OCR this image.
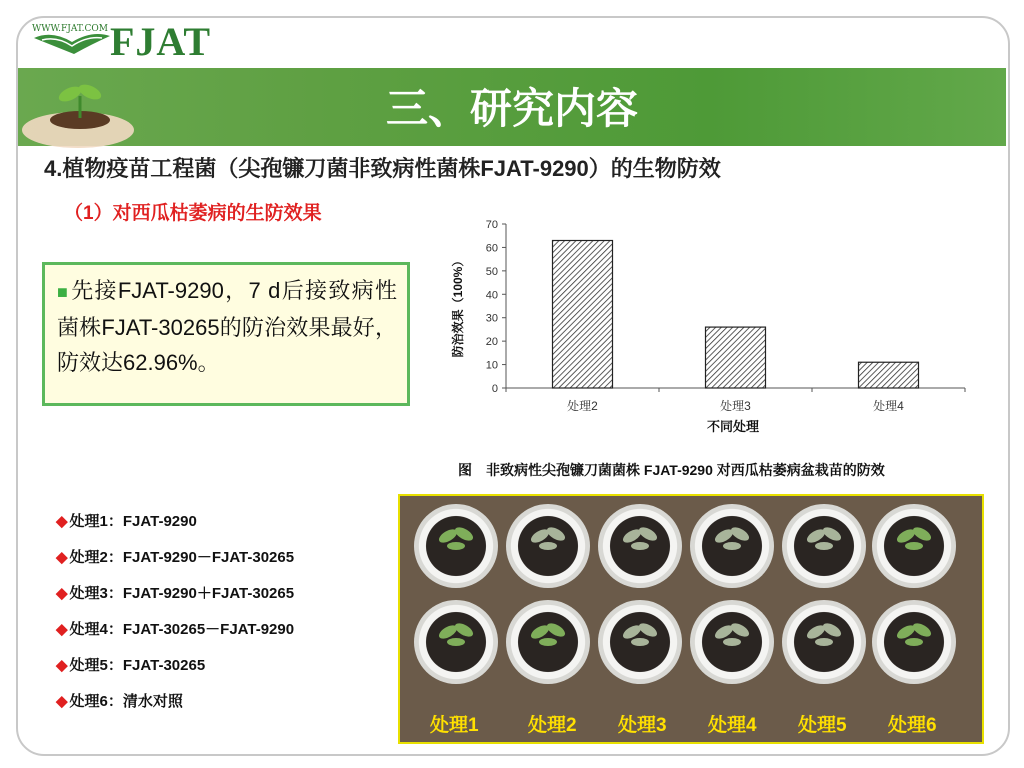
WWW.FJAT.COM FJAT
三、研究内容
4.植物疫苗工程菌（尖孢镰刀菌非致病性菌株FJAT-9290）的生物防效
（1）对西瓜枯萎病的生防效果
■先接FJAT-9290，7 d后接致病性菌株FJAT-30265的防治效果最好，防效达62.96%。
0
10
20
30
40
50
60
70
处理2	处理3	处理4
防治效果（100%）
不同处理
图　非致病性尖孢镰刀菌菌株 FJAT-9290 对西瓜枯萎病盆栽苗的防效
◆ 处理1：FJAT-9290
◆ 处理2：FJAT-9290－FJAT-30265
◆ 处理3：FJAT-9290＋FJAT-30265
◆ 处理4：FJAT-30265－FJAT-9290
◆ 处理5：FJAT-30265
◆ 处理6：清水对照
处理1	处理2 处理3 处理4 处理5 处理6
